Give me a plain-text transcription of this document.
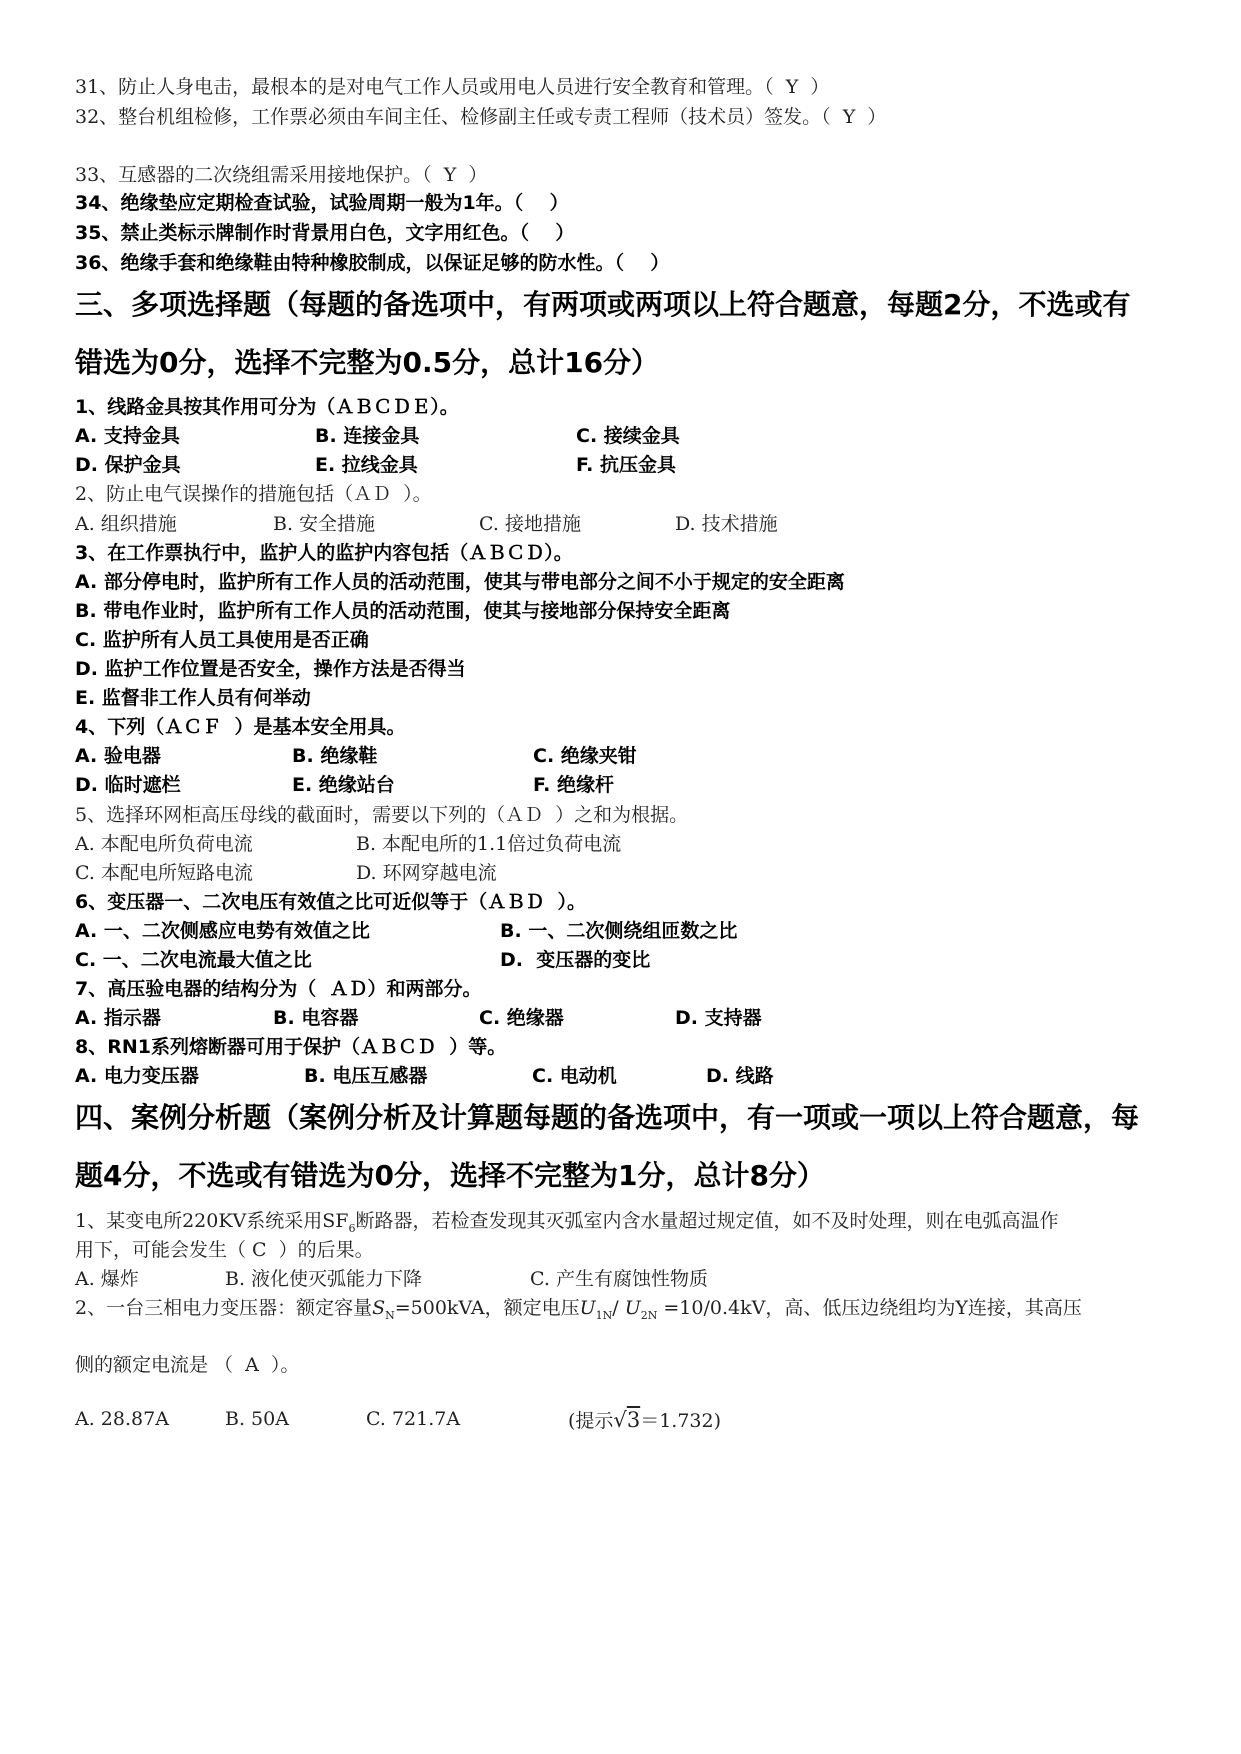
31、防止人身电击，最根本的是对电气工作人员或用电人员进行安全教育和管理。（  Y  ）
32、整台机组检修，工作票必须由车间主任、检修副主任或专责工程师（技术员）签发。（  Y  ）
33、互感器的二次绕组需采用接地保护。（  Y  ）
34、绝缘垫应定期检查试验，试验周期一般为1年。（    ）
35、禁止类标示牌制作时背景用白色，文字用红色。（    ）
36、绝缘手套和绝缘鞋由特种橡胶制成，以保证足够的防水性。（    ）
三、多项选择题（每题的备选项中，有两项或两项以上符合题意，每题2分，不选或有
错选为0分，选择不完整为0.5分，总计16分）
1、线路金具按其作用可分为（ＡＢＣＤＥ）。
A. 支持金具	B. 连接金具	C. 接续金具
D. 保护金具	E. 拉线金具	F. 抗压金具
2、防止电气误操作的措施包括（ＡＤ  ）。
A. 组织措施	B. 安全措施	C. 接地措施	D. 技术措施
3、在工作票执行中，监护人的监护内容包括（ＡＢＣＤ）。
A. 部分停电时，监护所有工作人员的活动范围，使其与带电部分之间不小于规定的安全距离
B. 带电作业时，监护所有工作人员的活动范围，使其与接地部分保持安全距离
C. 监护所有人员工具使用是否正确
D. 监护工作位置是否安全，操作方法是否得当
E. 监督非工作人员有何举动
4、下列（ＡＣＦ  ）是基本安全用具。
A. 验电器	B. 绝缘鞋	C. 绝缘夹钳
D. 临时遮栏	E. 绝缘站台	F. 绝缘杆
5、选择环网柜高压母线的截面时，需要以下列的（ＡＤ  ）之和为根据。
A. 本配电所负荷电流	B. 本配电所的1.1倍过负荷电流
C. 本配电所短路电流	D. 环网穿越电流
6、变压器一、二次电压有效值之比可近似等于（ＡＢＤ  ）。
A. 一、二次侧感应电势有效值之比	B. 一、二次侧绕组匝数之比
C. 一、二次电流最大值之比	D.  变压器的变比
7、高压验电器的结构分为（  ＡＤ）和两部分。
A. 指示器	B. 电容器	C. 绝缘器	D. 支持器
8、RN1系列熔断器可用于保护（ＡＢＣＤ  ）等。
A. 电力变压器	B. 电压互感器	C. 电动机	D. 线路
四、案例分析题（案例分析及计算题每题的备选项中，有一项或一项以上符合题意，每
题4分，不选或有错选为0分，选择不完整为1分，总计8分）
1、某变电所220KV系统采用$SF_6$断路器，若检查发现其灭弧室内含水量超过规定值，如不及时处理，则在电弧高温作
用下，可能会发生（ C  ）的后果。
A. 爆炸	B. 液化使灭弧能力下降	C. 产生有腐蚀性物质
2、一台三相电力变压器：额定容量$S_N=500kVA$，额定电压$U_{1N}/$ $U_{2N} =10/0.4kV$，高、低压边绕组均为Y连接，其高压
侧的额定电流是 （  A  ）。
A. 28.87A	B. 50A	C. 721.7A	(提示√3＝1.732)
